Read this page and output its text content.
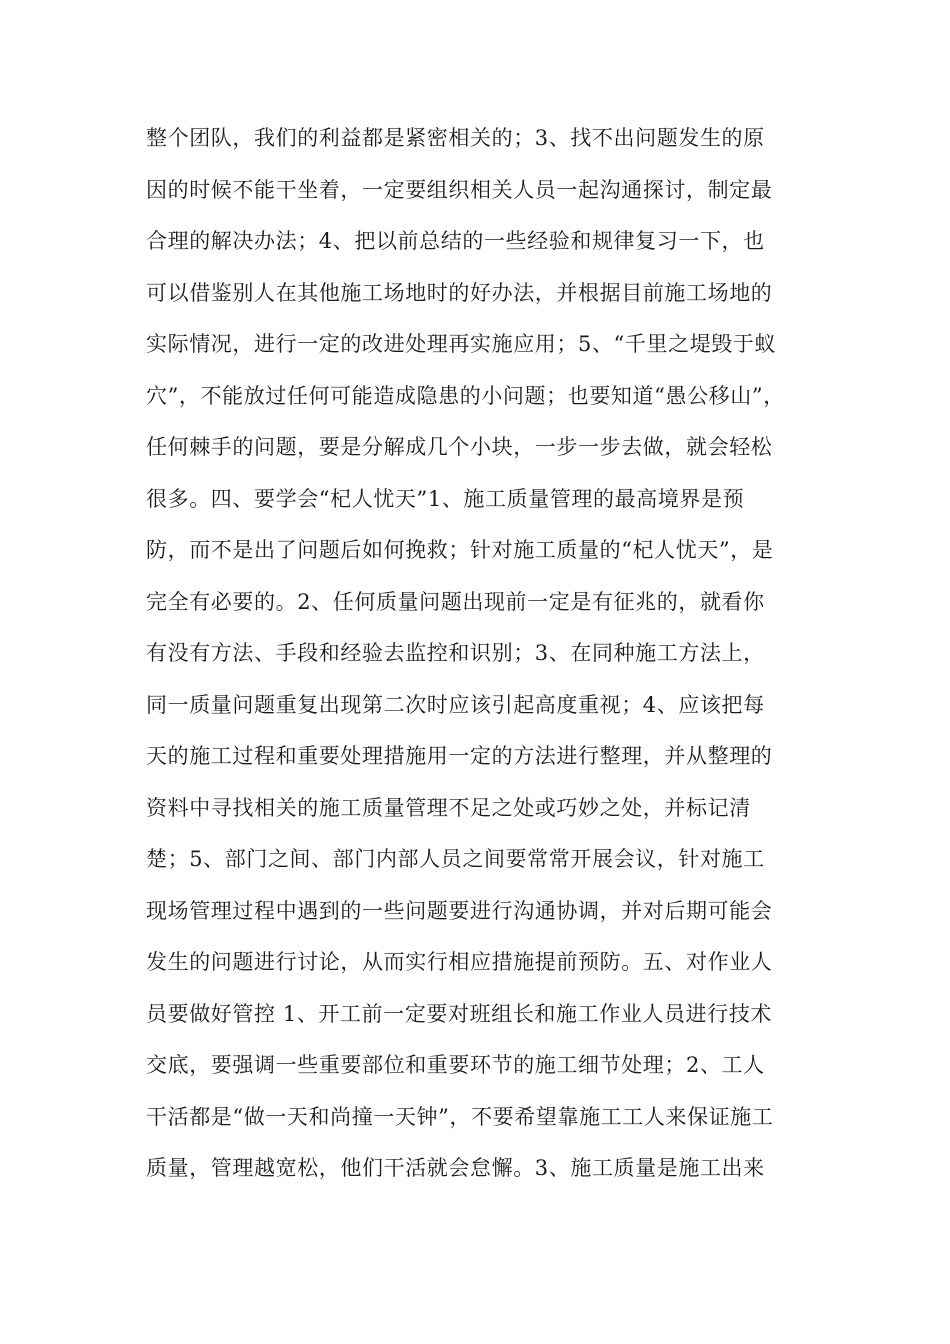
整个团队，我们的利益都是紧密相关的；3、找不出问题发生的原
因的时候不能干坐着，一定要组织相关人员一起沟通探讨，制定最
合理的解决办法；4、把以前总结的一些经验和规律复习一下，也
可以借鉴别人在其他施工场地时的好办法，并根据目前施工场地的
实际情况，进行一定的改进处理再实施应用；5、“千里之堤毁于蚁
穴”，不能放过任何可能造成隐患的小问题；也要知道“愚公移山”，
任何棘手的问题，要是分解成几个小块，一步一步去做，就会轻松
很多。四、要学会“杞人忧天”1、施工质量管理的最高境界是预
防，而不是出了问题后如何挽救；针对施工质量的“杞人忧天”，是
完全有必要的。2、任何质量问题出现前一定是有征兆的，就看你
有没有方法、手段和经验去监控和识别；3、在同种施工方法上，
同一质量问题重复出现第二次时应该引起高度重视；4、应该把每
天的施工过程和重要处理措施用一定的方法进行整理，并从整理的
资料中寻找相关的施工质量管理不足之处或巧妙之处，并标记清
楚；5、部门之间、部门内部人员之间要常常开展会议，针对施工
现场管理过程中遇到的一些问题要进行沟通协调，并对后期可能会
发生的问题进行讨论，从而实行相应措施提前预防。五、对作业人
员要做好管控 1、开工前一定要对班组长和施工作业人员进行技术
交底，要强调一些重要部位和重要环节的施工细节处理；2、工人
干活都是“做一天和尚撞一天钟”，不要希望靠施工工人来保证施工
质量，管理越宽松，他们干活就会怠懈。3、施工质量是施工出来
